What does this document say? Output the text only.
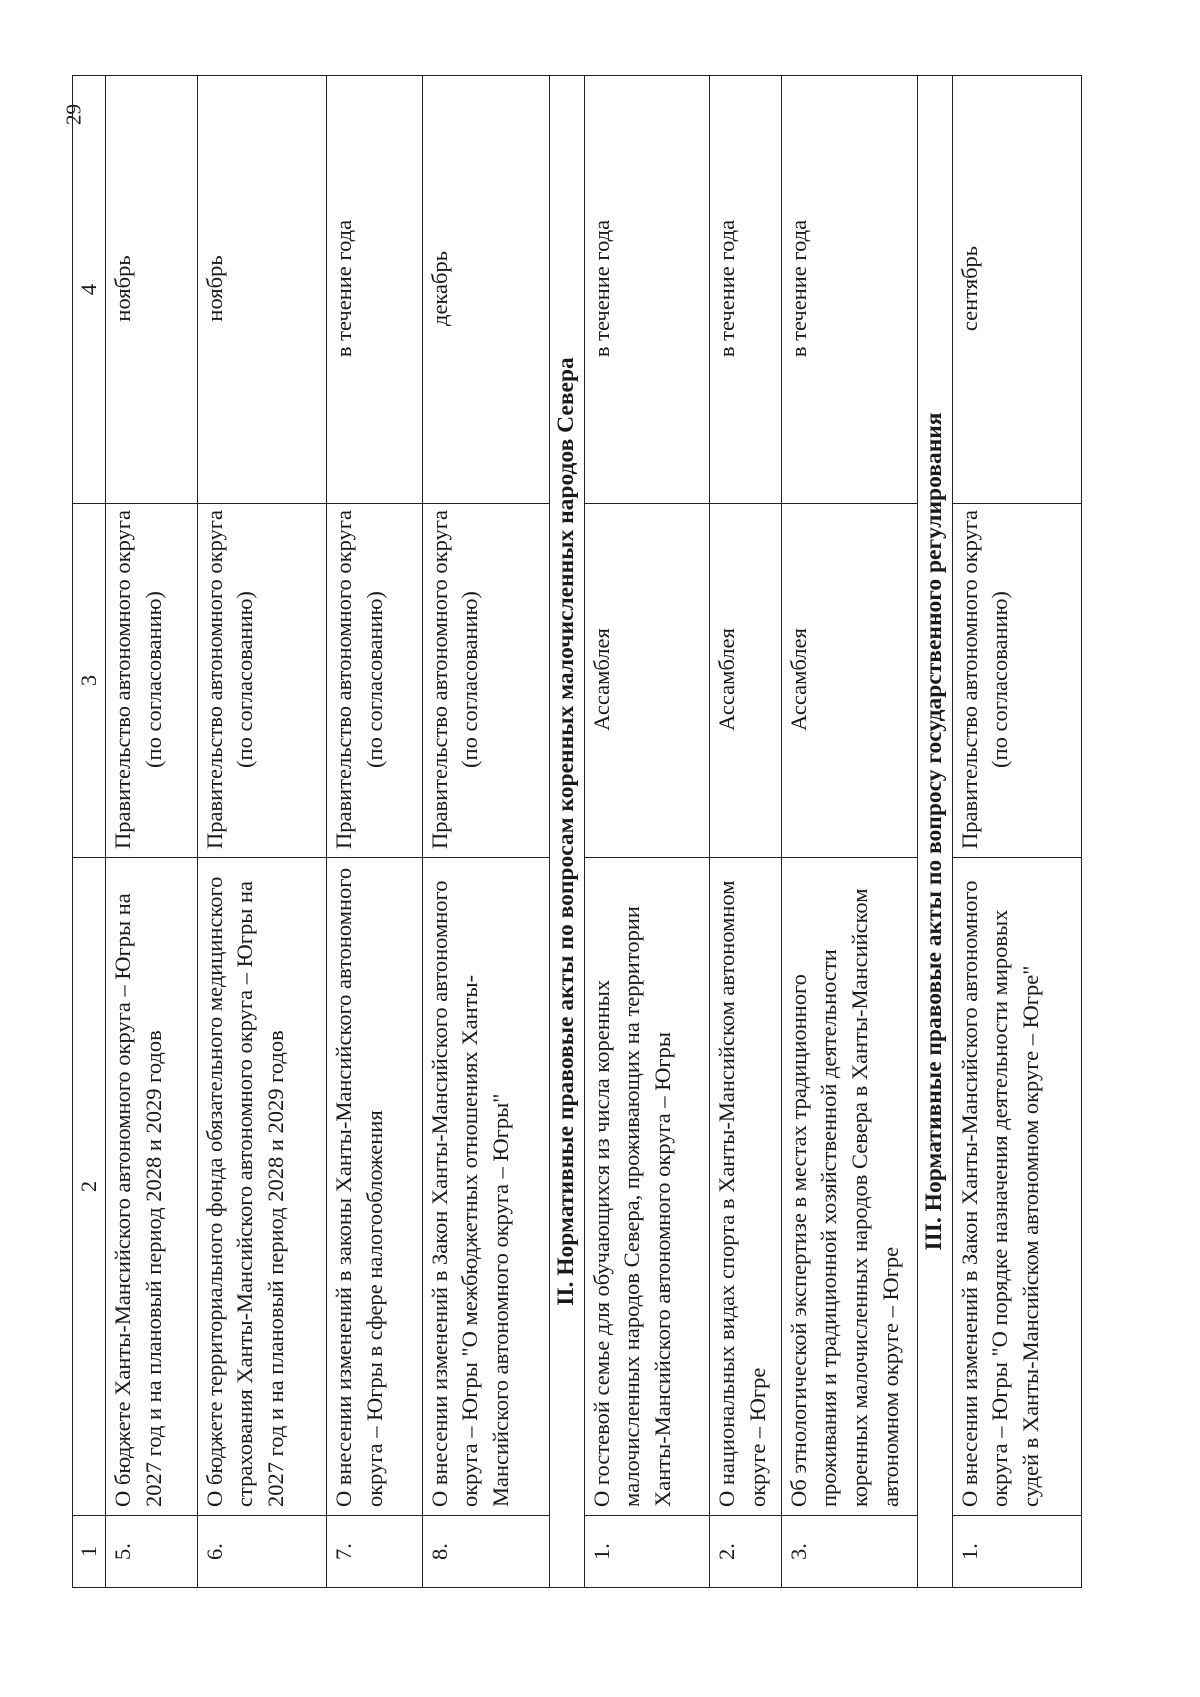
29
1	2	3	4
5.	О бюджете Ханты-Мансийского автономного округа – Югры на 2027 год и на плановый период 2028 и 2029 годов	Правительство автономного округа (по согласованию)	ноябрь
6.	О бюджете территориального фонда обязательного медицинского страхования Ханты-Мансийского автономного округа – Югры на 2027 год и на плановый период 2028 и 2029 годов	Правительство автономного округа (по согласованию)	ноябрь
7.	О внесении изменений в законы Ханты-Мансийского автономного округа – Югры в сфере налогообложения	Правительство автономного округа (по согласованию)	в течение года
8.	О внесении изменений в Закон Ханты-Мансийского автономного округа – Югры "О межбюджетных отношениях Ханты-Мансийского автономного округа – Югры"	Правительство автономного округа (по согласованию)	декабрь
II. Нормативные правовые акты по вопросам коренных малочисленных народов Севера			
1.	О гостевой семье для обучающихся из числа коренных малочисленных народов Севера, проживающих на территории Ханты-Мансийского автономного округа – Югры	Ассамблея	в течение года
2.	О национальных видах спорта в Ханты-Мансийском автономном округе – Югре	Ассамблея	в течение года
3.	Об этнологической экспертизе в местах традиционного проживания и традиционной хозяйственной деятельности коренных малочисленных народов Севера в Ханты-Мансийском автономном округе – Югре	Ассамблея	в течение года
III. Нормативные правовые акты по вопросу государственного регулирования			
1.	О внесении изменений в Закон Ханты-Мансийского автономного округа – Югры "О порядке назначения деятельности мировых судей в Ханты-Мансийском автономном округе – Югре"	Правительство автономного округа (по согласованию)	сентябрь
